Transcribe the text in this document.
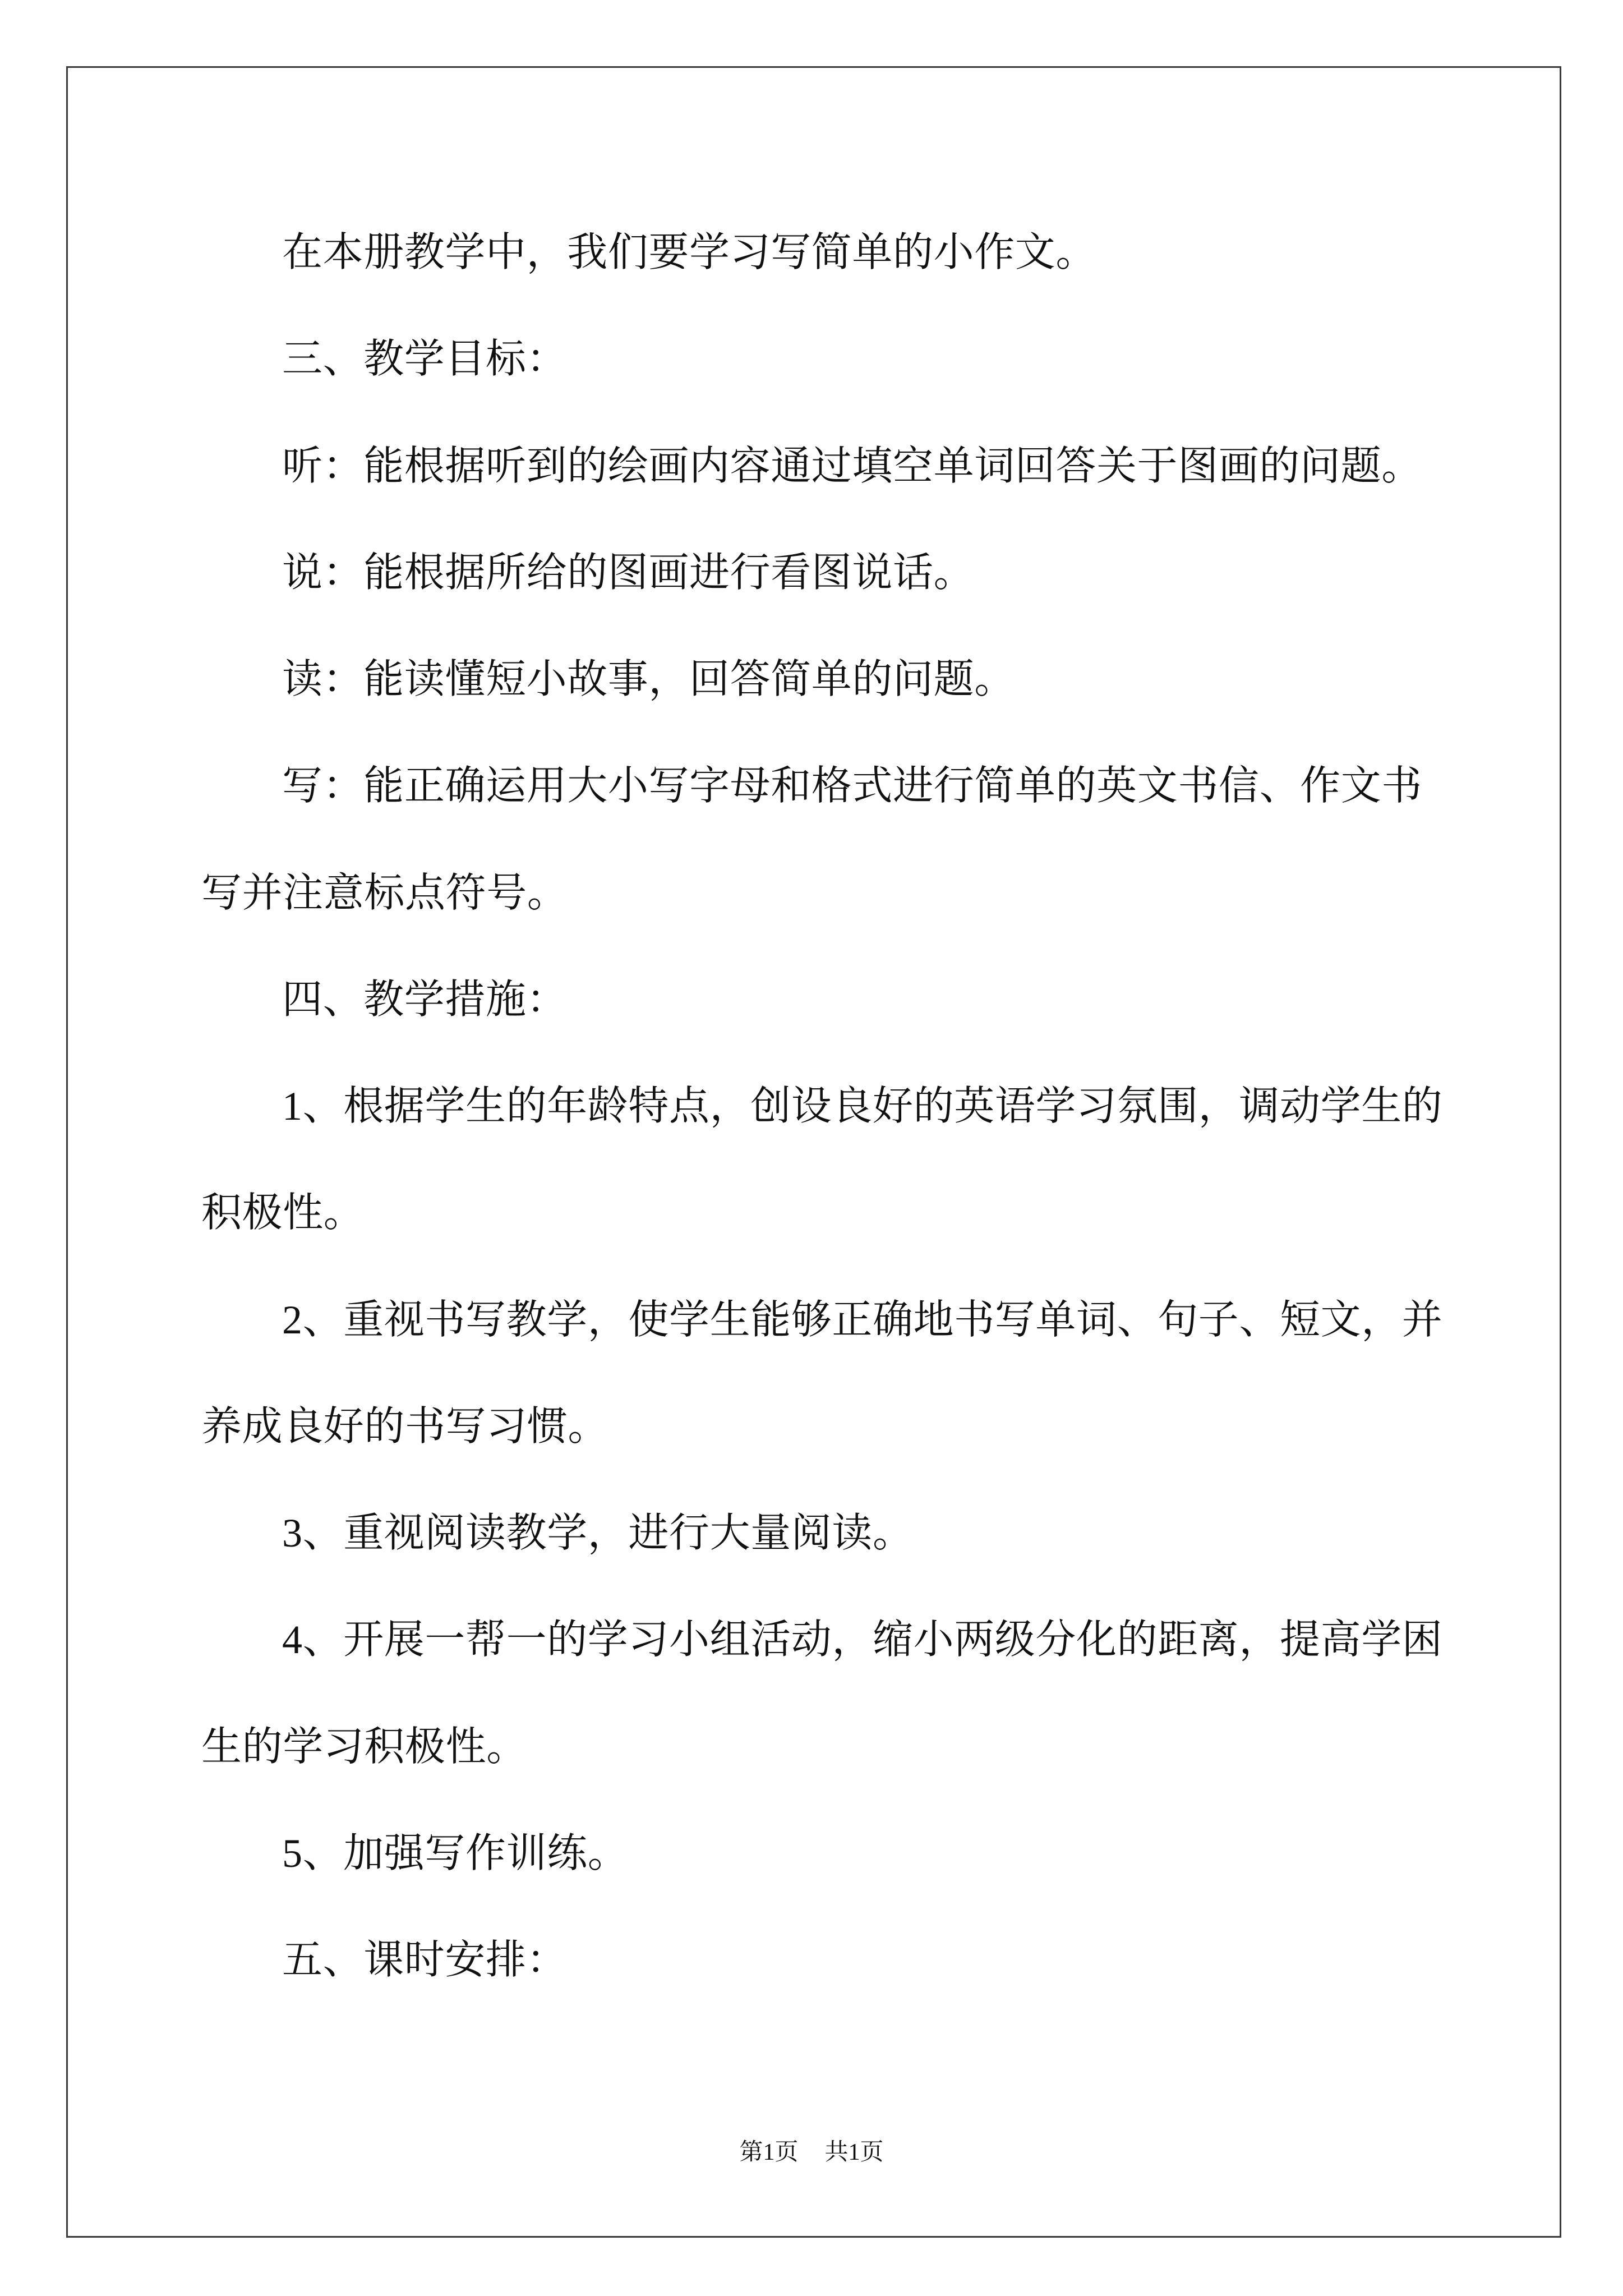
在本册教学中，我们要学习写简单的小作文。
三、教学目标：
听：能根据听到的绘画内容通过填空单词回答关于图画的问题。
说：能根据所给的图画进行看图说话。
读：能读懂短小故事，回答简单的问题。
写：能正确运用大小写字母和格式进行简单的英文书信、作文书
写并注意标点符号。
四、教学措施：
1、根据学生的年龄特点，创设良好的英语学习氛围，调动学生的
积极性。
2、重视书写教学，使学生能够正确地书写单词、句子、短文，并
养成良好的书写习惯。
3、重视阅读教学，进行大量阅读。
4、开展一帮一的学习小组活动，缩小两级分化的距离，提高学困
生的学习积极性。
5、加强写作训练。
五、课时安排：
第1页 共1页
